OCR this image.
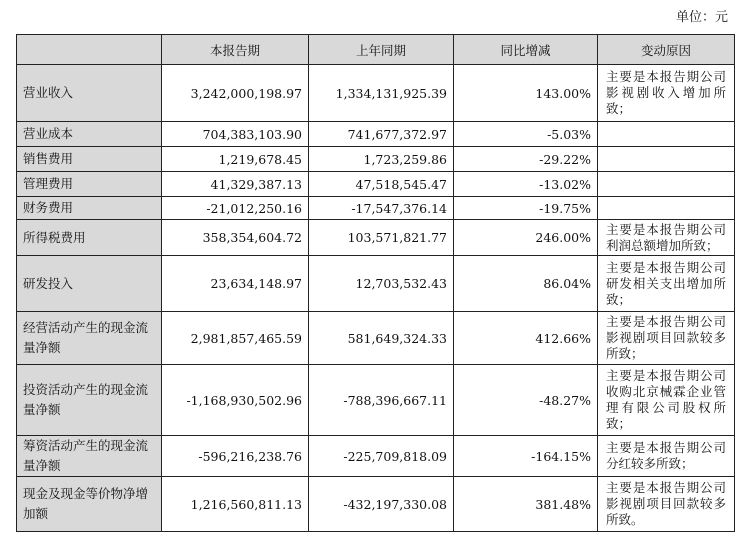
单位：元
	本报告期	上年同期	同比增减	变动原因
营业收入	3,242,000,198.97	1,334,131,925.39	143.00%	主要是本报告期公司影视剧收入增加所致；
营业成本	704,383,103.90	741,677,372.97	-5.03%	
销售费用	1,219,678.45	1,723,259.86	-29.22%	
管理费用	41,329,387.13	47,518,545.47	-13.02%	
财务费用	-21,012,250.16	-17,547,376.14	-19.75%	
所得税费用	358,354,604.72	103,571,821.77	246.00%	主要是本报告期公司利润总额增加所致；
研发投入	23,634,148.97	12,703,532.43	86.04%	主要是本报告期公司研发相关支出增加所致；
经营活动产生的现金流量净额	2,981,857,465.59	581,649,324.33	412.66%	主要是本报告期公司影视剧项目回款较多所致；
投资活动产生的现金流量净额	-1,168,930,502.96	-788,396,667.11	-48.27%	主要是本报告期公司收购北京械霖企业管理有限公司股权所致；
筹资活动产生的现金流量净额	-596,216,238.76	-225,709,818.09	-164.15%	主要是本报告期公司分红较多所致；
现金及现金等价物净增加额	1,216,560,811.13	-432,197,330.08	381.48%	主要是本报告期公司影视剧项目回款较多所致。
